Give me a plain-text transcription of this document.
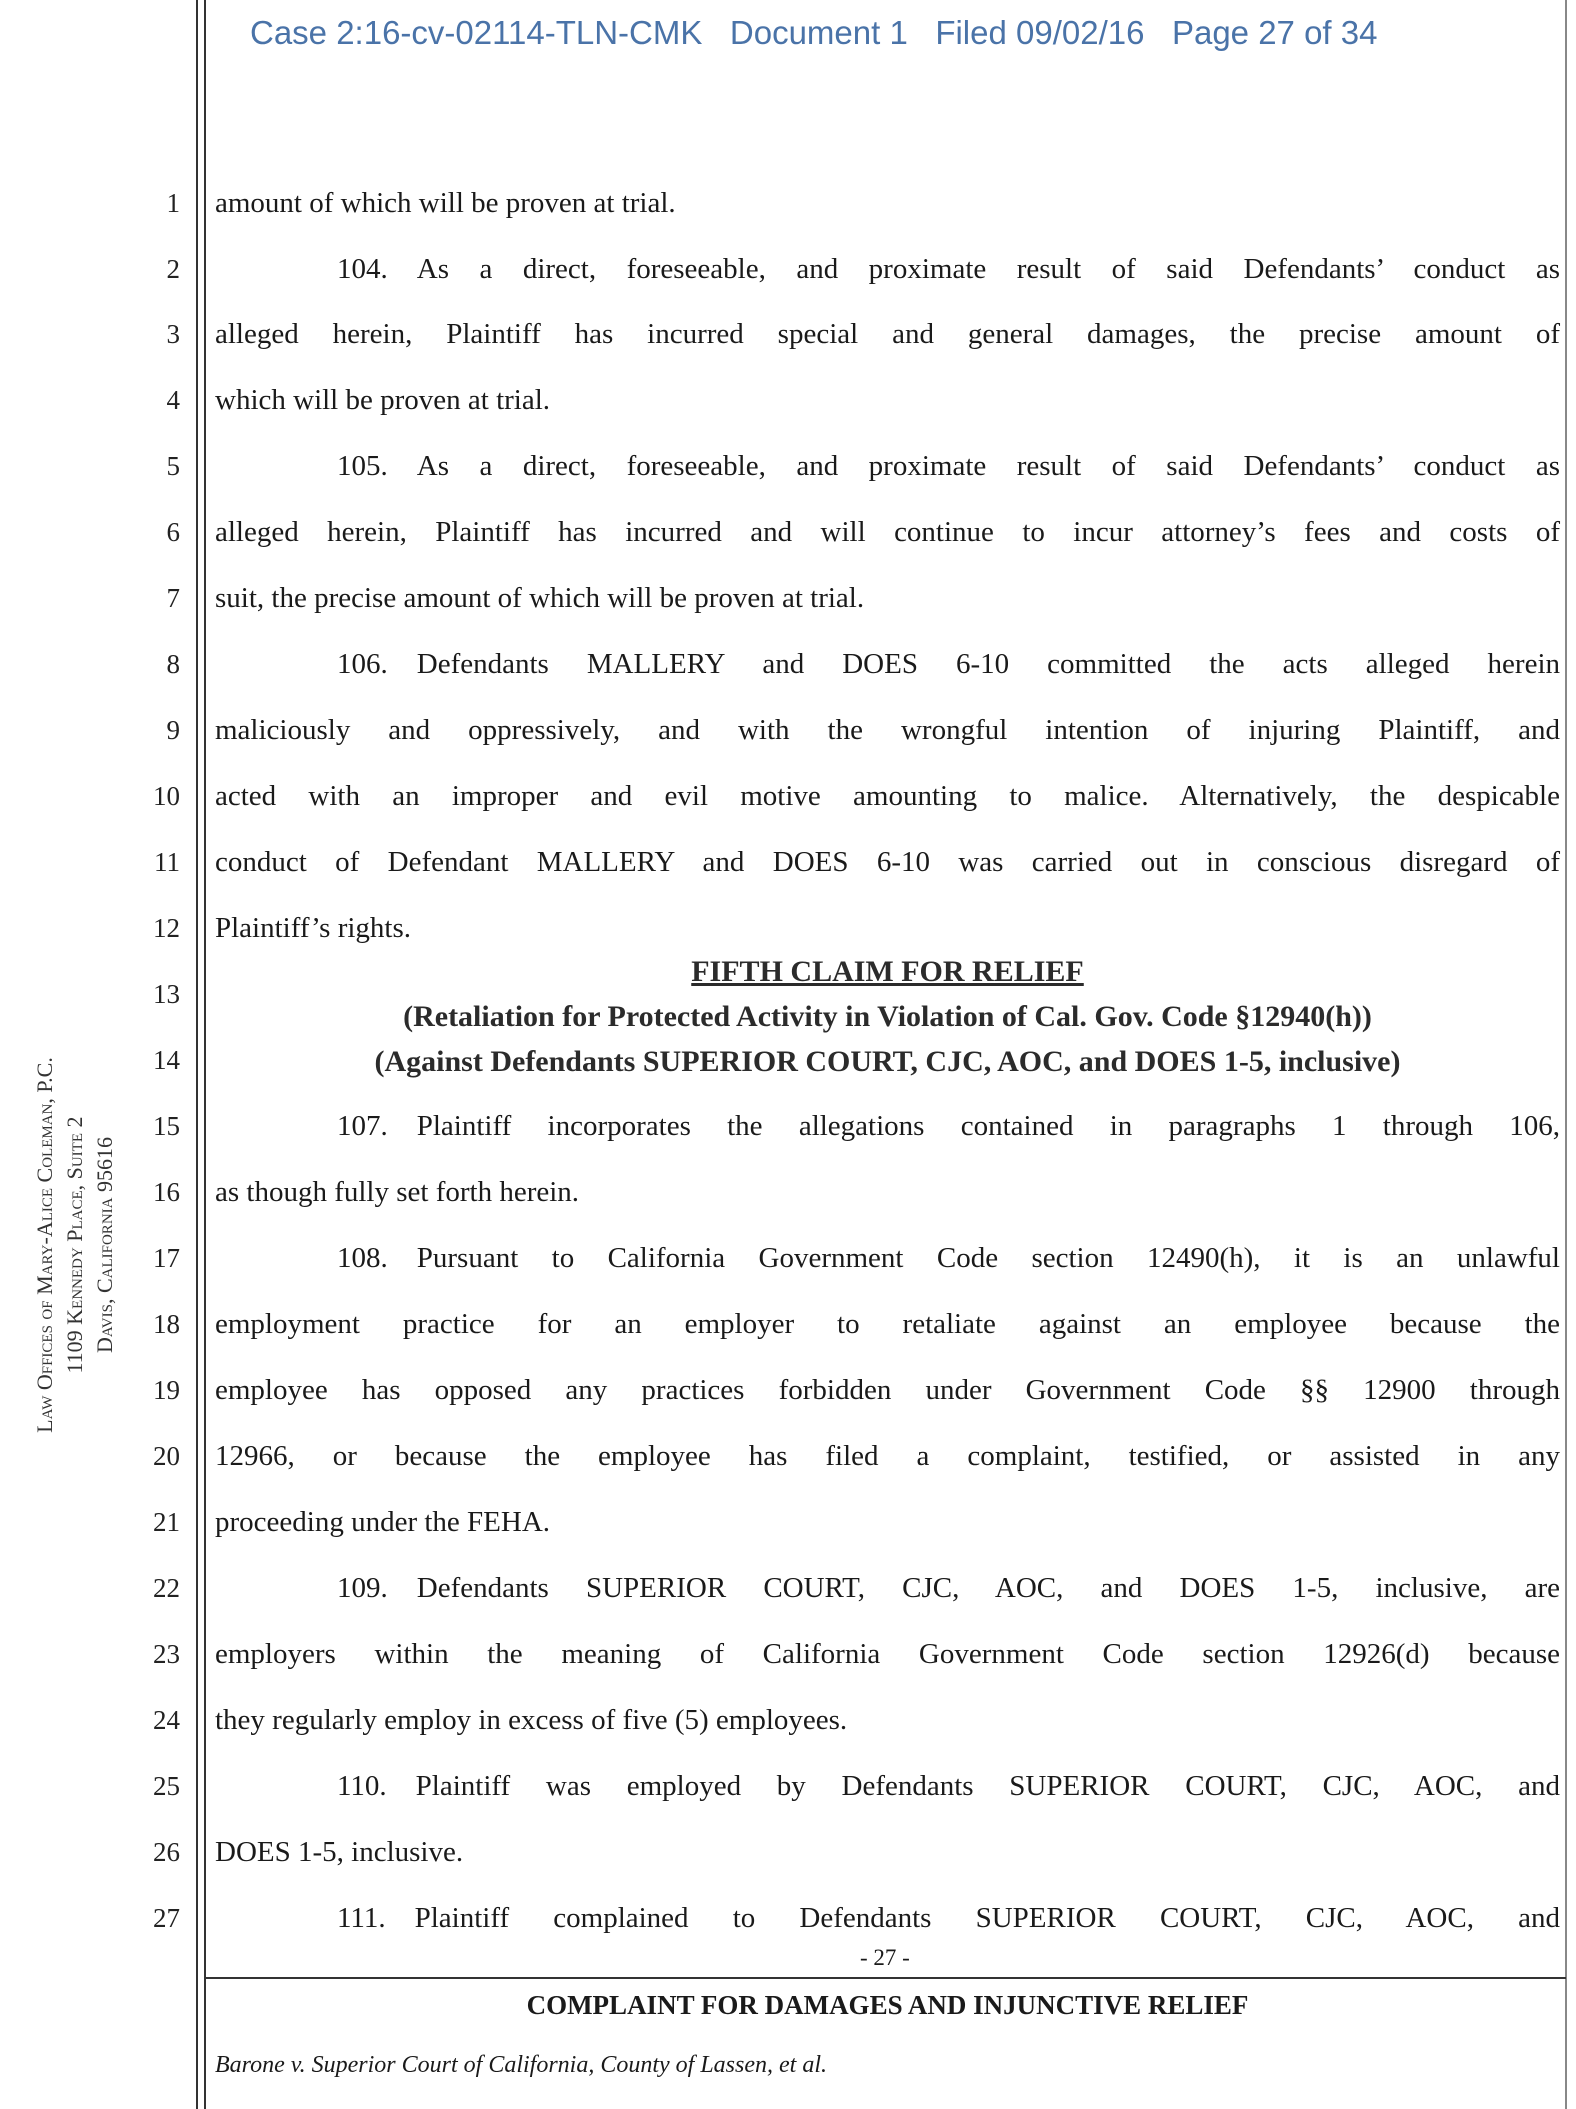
Case 2:16-cv-02114-TLN-CMK   Document 1   Filed 09/02/16   Page 27 of 34
Law Offices of Mary-Alice Coleman, P.C. 1109 Kennedy Place, Suite 2 Davis, California 95616
1
2
3
4
5
6
7
8
9
10
11
12
13
14
15
16
17
18
19
20
21
22
23
24
25
26
27
amount of which will be proven at trial.
104. As a direct, foreseeable, and proximate result of said Defendants’ conduct as
alleged herein, Plaintiff has incurred special and general damages, the precise amount of
which will be proven at trial.
105. As a direct, foreseeable, and proximate result of said Defendants’ conduct as
alleged herein, Plaintiff has incurred and will continue to incur attorney’s fees and costs of
suit, the precise amount of which will be proven at trial.
106. Defendants MALLERY and DOES 6-10 committed the acts alleged herein
maliciously and oppressively, and with the wrongful intention of injuring Plaintiff, and
acted with an improper and evil motive amounting to malice. Alternatively, the despicable
conduct of Defendant MALLERY and DOES 6-10 was carried out in conscious disregard of
Plaintiff’s rights.
FIFTH CLAIM FOR RELIEF
(Retaliation for Protected Activity in Violation of Cal. Gov. Code §12940(h))
(Against Defendants SUPERIOR COURT, CJC, AOC, and DOES 1-5, inclusive)
107. Plaintiff incorporates the allegations contained in paragraphs 1 through 106,
as though fully set forth herein.
108. Pursuant to California Government Code section 12490(h), it is an unlawful
employment practice for an employer to retaliate against an employee because the
employee has opposed any practices forbidden under Government Code §§ 12900 through
12966, or because the employee has filed a complaint, testified, or assisted in any
proceeding under the FEHA.
109. Defendants SUPERIOR COURT, CJC, AOC, and DOES 1-5, inclusive, are
employers within the meaning of California Government Code section 12926(d) because
they regularly employ in excess of five (5) employees.
110. Plaintiff was employed by Defendants SUPERIOR COURT, CJC, AOC, and
DOES 1-5, inclusive.
111. Plaintiff complained to Defendants SUPERIOR COURT, CJC, AOC, and
- 27 -
COMPLAINT FOR DAMAGES AND INJUNCTIVE RELIEF
Barone v. Superior Court of California, County of Lassen, et al.
